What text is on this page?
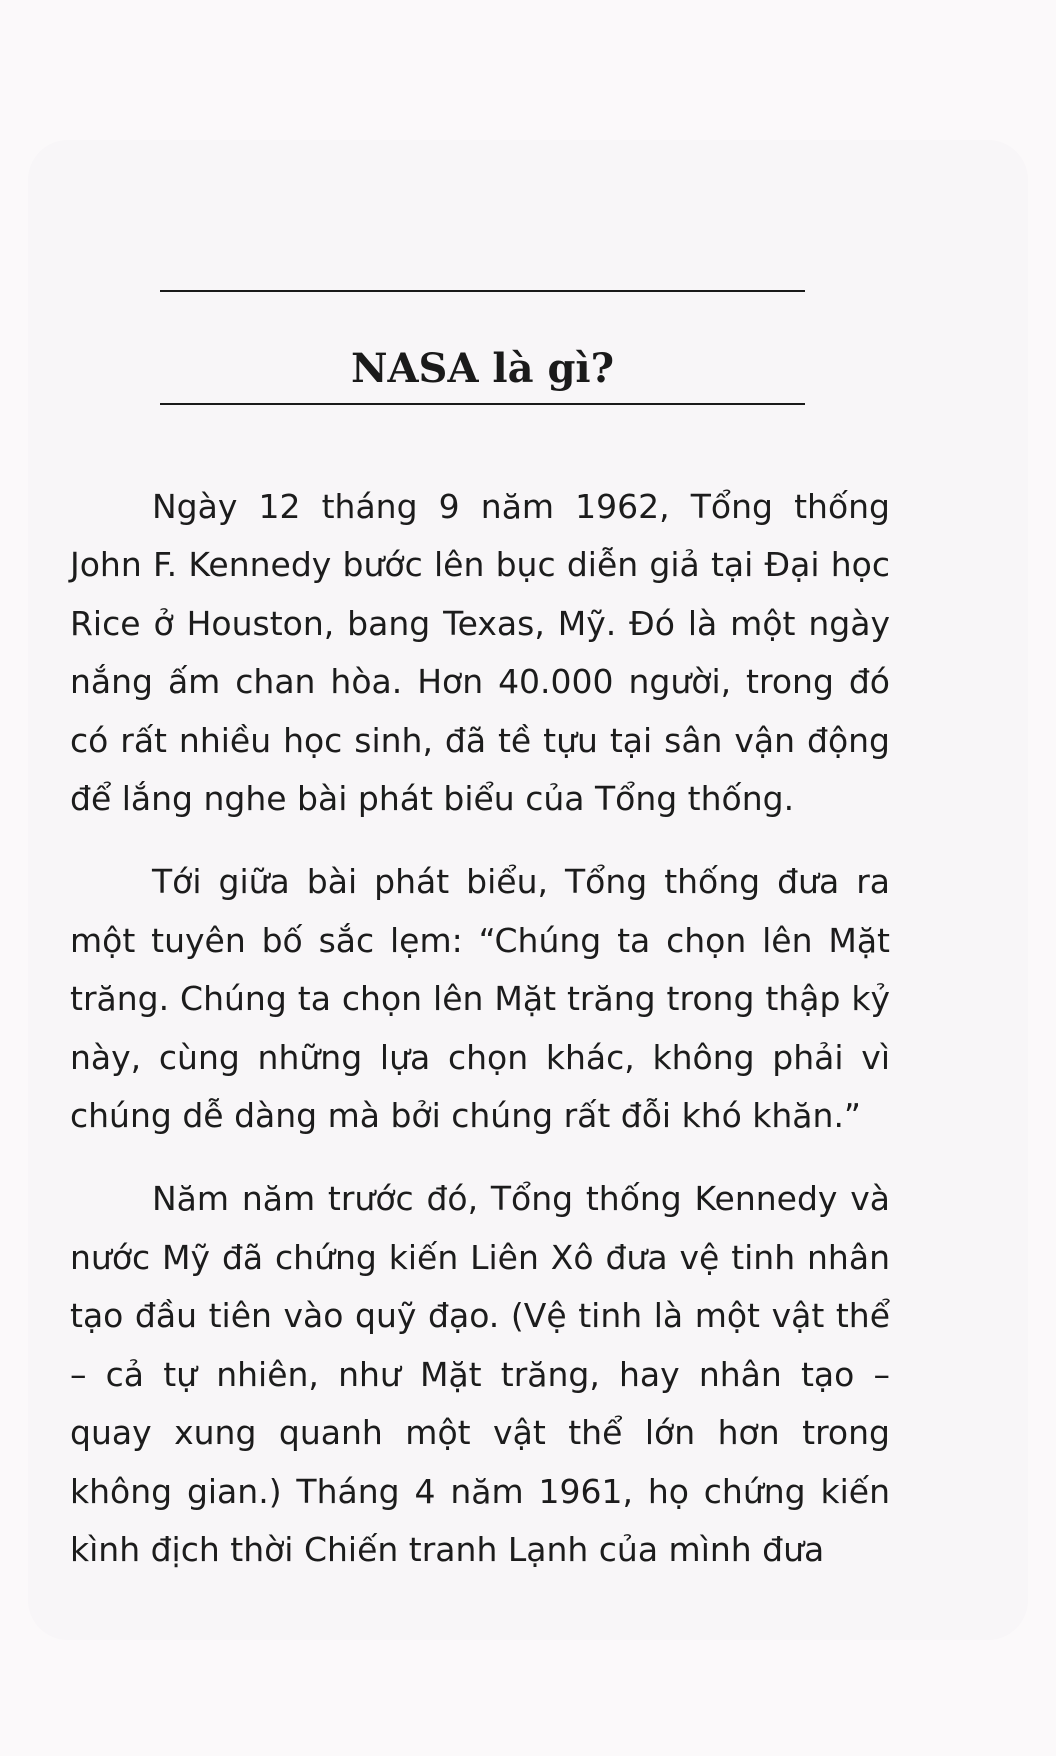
NASA là gì?

Ngày 12 tháng 9 năm 1962, Tổng thống John F. Kennedy bước lên bục diễn giả tại Đại học Rice ở Houston, bang Texas, Mỹ. Đó là một ngày nắng ấm chan hòa. Hơn 40.000 người, trong đó có rất nhiều học sinh, đã tề tựu tại sân vận động để lắng nghe bài phát biểu của Tổng thống.

Tới giữa bài phát biểu, Tổng thống đưa ra một tuyên bố sắc lẹm: “Chúng ta chọn lên Mặt trăng. Chúng ta chọn lên Mặt trăng trong thập kỷ này, cùng những lựa chọn khác, không phải vì chúng dễ dàng mà bởi chúng rất đỗi khó khăn.”

Năm năm trước đó, Tổng thống Kennedy và nước Mỹ đã chứng kiến Liên Xô đưa vệ tinh nhân tạo đầu tiên vào quỹ đạo. (Vệ tinh là một vật thể – cả tự nhiên, như Mặt trăng, hay nhân tạo – quay xung quanh một vật thể lớn hơn trong không gian.) Tháng 4 năm 1961, họ chứng kiến kình địch thời Chiến tranh Lạnh của mình đưa
